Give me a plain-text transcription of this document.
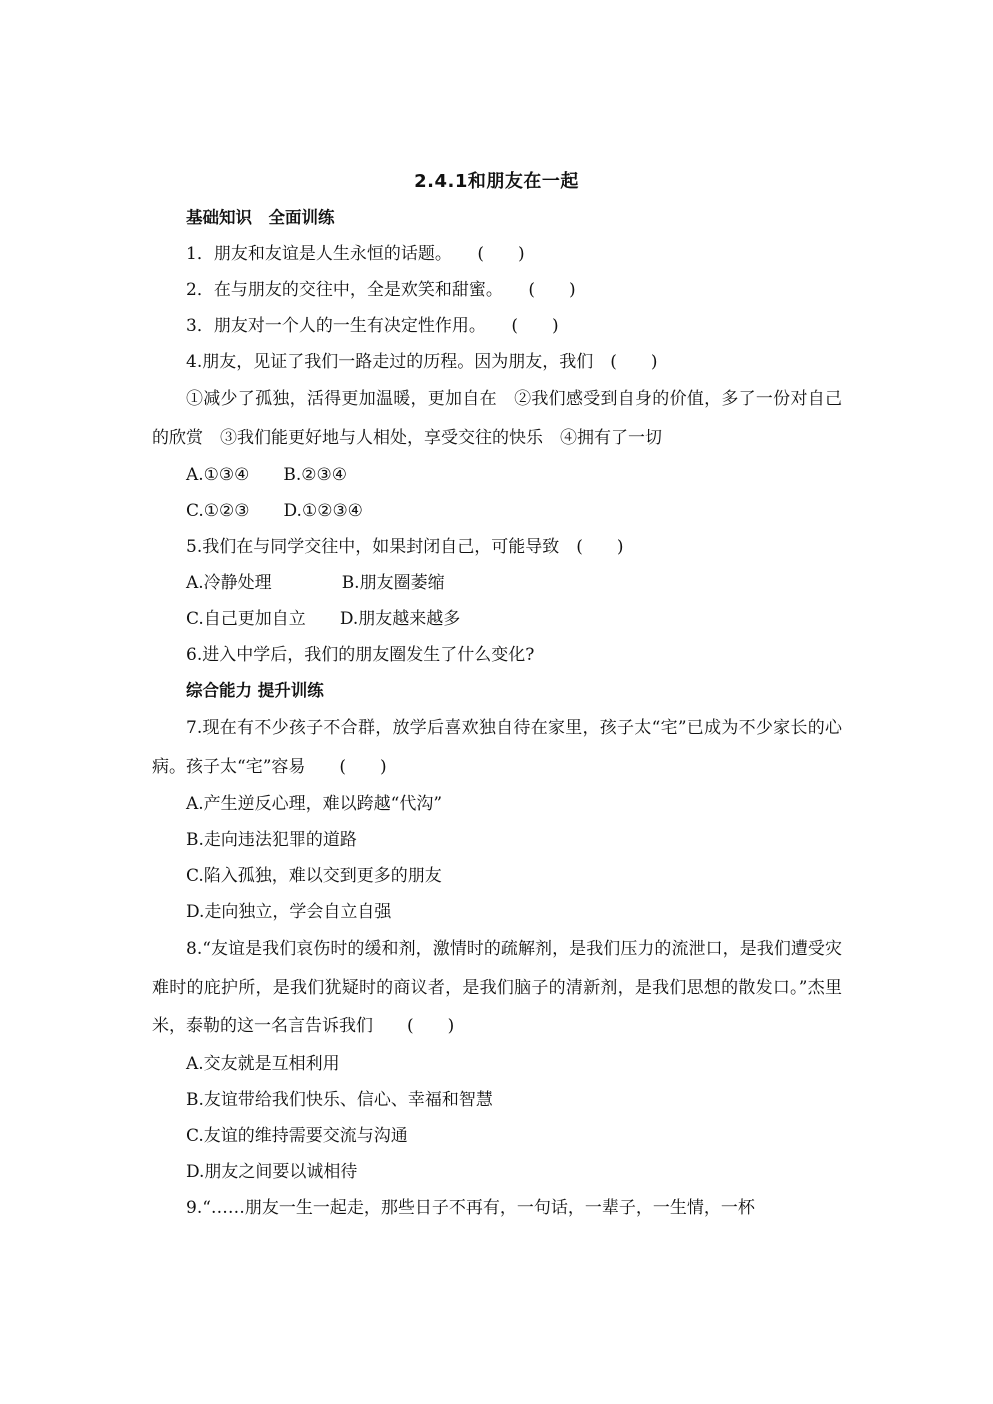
2.4.1和朋友在一起
基础知识　全面训练
1．朋友和友谊是人生永恒的话题。　　(　　)
2．在与朋友的交往中，全是欢笑和甜蜜。　　(　　)
3．朋友对一个人的一生有决定性作用。　　(　　)
4.朋友，见证了我们一路走过的历程。因为朋友，我们　(　　)

①减少了孤独，活得更加温暖，更加自在　②我们感受到自身的价值，多了一份对自己的欣赏　③我们能更好地与人相处，享受交往的快乐　④拥有了一切

A.①③④ B.②③④
C.①②③ D.①②③④
5.我们在与同学交往中，如果封闭自己，可能导致　(　　)
A.冷静处理	B.朋友圈萎缩
C.自己更加自立 D.朋友越来越多
6.进入中学后，我们的朋友圈发生了什么变化?
综合能力 提升训练

7.现在有不少孩子不合群，放学后喜欢独自待在家里，孩子太“宅”已成为不少家长的心病。孩子太“宅”容易　　(　　)

A.产生逆反心理，难以跨越“代沟”
B.走向违法犯罪的道路
C.陷入孤独，难以交到更多的朋友
D.走向独立，学会自立自强

8.“友谊是我们哀伤时的缓和剂，激情时的疏解剂，是我们压力的流泄口，是我们遭受灾难时的庇护所，是我们犹疑时的商议者，是我们脑子的清新剂，是我们思想的散发口。”杰里米，泰勒的这一名言告诉我们　　(　　)

A.交友就是互相利用
B.友谊带给我们快乐、信心、幸福和智慧
C.友谊的维持需要交流与沟通
D.朋友之间要以诚相待
9.“……朋友一生一起走，那些日子不再有，一句话，一辈子，一生情，一杯
